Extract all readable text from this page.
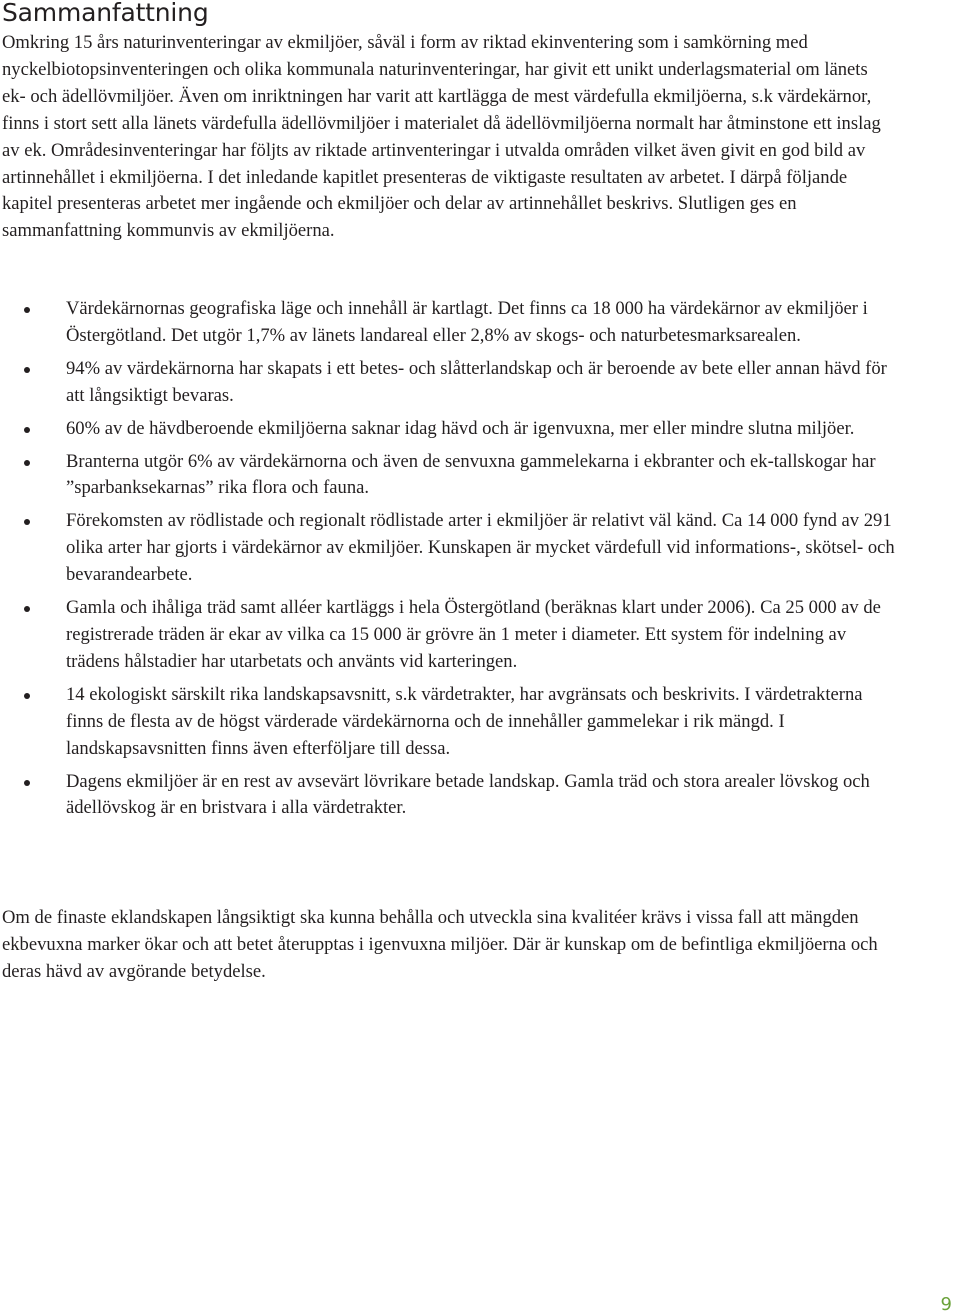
Sammanfattning

Omkring 15 års naturinventeringar av ekmiljöer, såväl i form av riktad ekinventering som i samkörning med nyckelbiotopsinventeringen och olika kommunala naturinventeringar, har givit ett unikt underlagsmaterial om länets ek- och ädellövmiljöer. Även om inriktningen har varit att kartlägga de mest värdefulla ekmiljöerna, s.k värdekärnor, finns i stort sett alla länets värdefulla ädellövmiljöer i materialet då ädellövmiljöerna normalt har åtminstone ett inslag av ek. Områdesinventeringar har följts av riktade artinventeringar i utvalda områden vilket även givit en god bild av artinnehållet i ekmiljöerna. I det inledande kapitlet presenteras de viktigaste resultaten av arbetet. I därpå följande kapitel presenteras arbetet mer ingående och ekmiljöer och delar av artinnehållet beskrivs. Slutligen ges en sammanfattning kommunvis av ekmiljöerna.

Värdekärnornas geografiska läge och innehåll är kartlagt. Det finns ca 18 000 ha värdekärnor av ekmiljöer i Östergötland. Det utgör 1,7% av länets landareal eller 2,8% av skogs- och naturbetesmarksarealen.
94% av värdekärnorna har skapats i ett betes- och slåtterlandskap och är beroende av bete eller annan hävd för att långsiktigt bevaras.
60% av de hävdberoende ekmiljöerna saknar idag hävd och är igenvuxna, mer eller mindre slutna miljöer.
Branterna utgör 6% av värdekärnorna och även de senvuxna gammelekarna i ekbranter och ek-tallskogar har ”sparbanksekarnas” rika flora och fauna.
Förekomsten av rödlistade och regionalt rödlistade arter i ekmiljöer är relativt väl känd. Ca 14 000 fynd av 291 olika arter har gjorts i värdekärnor av ekmiljöer. Kunskapen är mycket värdefull vid informations-, skötsel- och bevarandearbete.
Gamla och ihåliga träd samt alléer kartläggs i hela Östergötland (beräknas klart under 2006). Ca 25 000 av de registrerade träden är ekar av vilka ca 15 000 är grövre än 1 meter i diameter. Ett system för indelning av trädens hålstadier har utarbetats och använts vid karteringen.
14 ekologiskt särskilt rika landskapsavsnitt, s.k värdetrakter, har avgränsats och beskrivits. I värdetrakterna finns de flesta av de högst värderade värdekärnorna och de innehåller gammelekar i rik mängd. I landskapsavsnitten finns även efterföljare till dessa.
Dagens ekmiljöer är en rest av avsevärt lövrikare betade landskap. Gamla träd och stora arealer lövskog och ädellövskog är en bristvara i alla värdetrakter.

Om de finaste eklandskapen långsiktigt ska kunna behålla och utveckla sina kvalitéer krävs i vissa fall att mängden ekbevuxna marker ökar och att betet återupptas i igenvuxna miljöer. Där är kunskap om de befintliga ekmiljöerna och deras hävd av avgörande betydelse.

9
